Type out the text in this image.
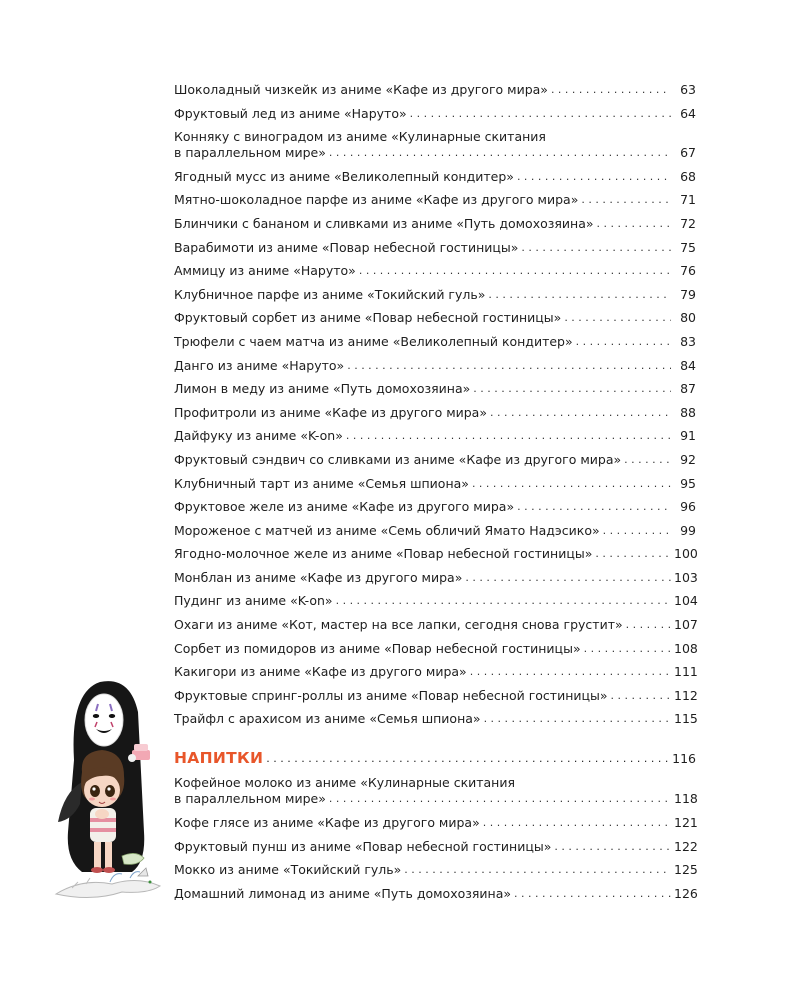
Шоколадный чизкейк из аниме «Кафе из другого мира» . . .	63
Фруктовый лед из аниме «Наруто» . . .	64
Конняку с виноградом из аниме «Кулинарные скитания
в параллельном мире» . . .	67
Ягодный мусс из аниме «Великолепный кондитер» . . .	68
Мятно-шоколадное парфе из аниме «Кафе из другого мира» . . .	71
Блинчики с бананом и сливками из аниме «Путь домохозяина» . . .	72
Варабимоти из аниме «Повар небесной гостиницы» . . .	75
Аммицу из аниме «Наруто» . . .	76
Клубничное парфе из аниме «Токийский гуль» . . .	79
Фруктовый сорбет из аниме «Повар небесной гостиницы» . . .	80
Трюфели с чаем матча из аниме «Великолепный кондитер» . . .	83
Данго из аниме «Наруто» . . .	84
Лимон в меду из аниме «Путь домохозяина» . . .	87
Профитроли из аниме «Кафе из другого мира» . . .	88
Дайфуку из аниме «K-on» . . .	91
Фруктовый сэндвич со сливками из аниме «Кафе из другого мира» . . .	92
Клубничный тарт из аниме «Семья шпиона» . . .	95
Фруктовое желе из аниме «Кафе из другого мира» . . .	96
Мороженое с матчей из аниме «Семь обличий Ямато Надэсико» . . .	99
Ягодно-молочное желе из аниме «Повар небесной гостиницы» . . .	100
Монблан из аниме «Кафе из другого мира» . . .	103
Пудинг из аниме «K-on» . . .	104
Охаги из аниме «Кот, мастер на все лапки, сегодня снова грустит» . . .	107
Сорбет из помидоров из аниме «Повар небесной гостиницы» . . .	108
Какигори из аниме «Кафе из другого мира» . . .	111
Фруктовые спринг-роллы из аниме «Повар небесной гостиницы» . . .	112
Трайфл с арахисом из аниме «Семья шпиона» . . .	115
НАПИТКИ . . .	116
Кофейное молоко из аниме «Кулинарные скитания
в параллельном мире» . . .	118
Кофе глясе из аниме «Кафе из другого мира» . . .	121
Фруктовый пунш из аниме «Повар небесной гостиницы» . . .	122
Мокко из аниме «Токийский гуль» . . .	125
Домашний лимонад из аниме «Путь домохозяина» . . .	126
